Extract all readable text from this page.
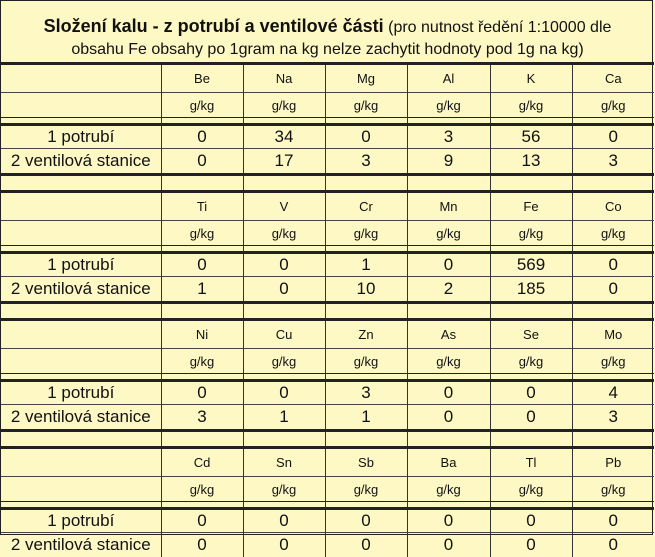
Složení kalu - z potrubí a ventilové části (pro nutnost ředění 1:10000 dle
obsahu Fe obsahy po 1gram na kg nelze zachytit hodnoty pod 1g na kg)
	Be	Na	Mg	Al	K	Ca
	g/kg	g/kg	g/kg	g/kg	g/kg	g/kg

1 potrubí	0	34	0	3	56	0
2 ventilová stanice	0	17	3	9	13	3

	Ti	V	Cr	Mn	Fe	Co
	g/kg	g/kg	g/kg	g/kg	g/kg	g/kg

1 potrubí	0	0	1	0	569	0
2 ventilová stanice	1	0	10	2	185	0

	Ni	Cu	Zn	As	Se	Mo
	g/kg	g/kg	g/kg	g/kg	g/kg	g/kg

1 potrubí	0	0	3	0	0	4
2 ventilová stanice	3	1	1	0	0	3

	Cd	Sn	Sb	Ba	Tl	Pb
	g/kg	g/kg	g/kg	g/kg	g/kg	g/kg

1 potrubí	0	0	0	0	0	0
2 ventilová stanice	0	0	0	0	0	0
